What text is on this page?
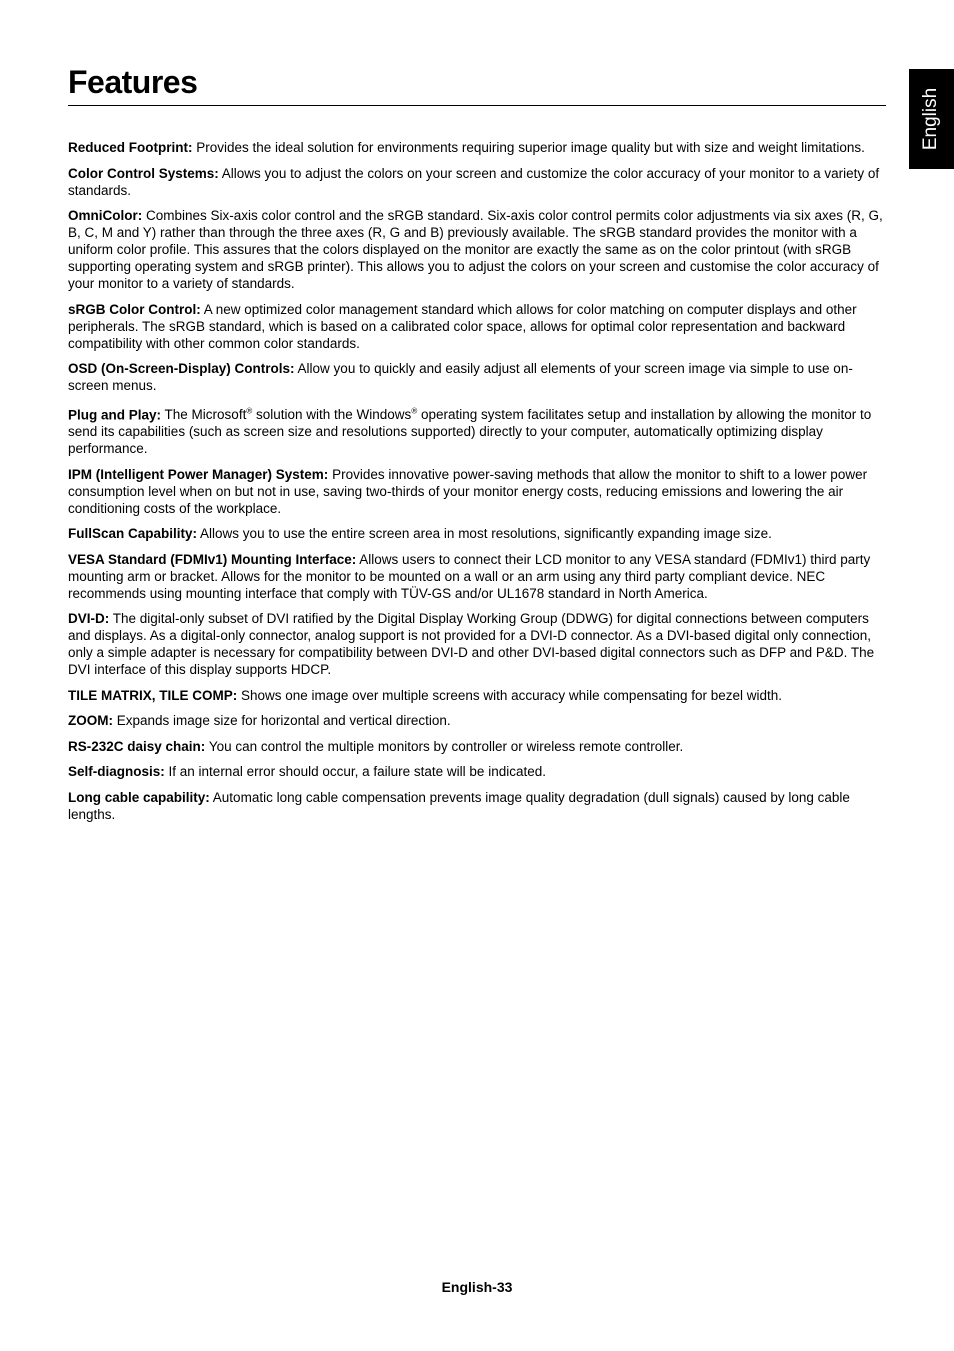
Features
English
Reduced Footprint: Provides the ideal solution for environments requiring superior image quality but with size and weight limitations.
Color Control Systems: Allows you to adjust the colors on your screen and customize the color accuracy of your monitor to a variety of standards.
OmniColor: Combines Six-axis color control and the sRGB standard. Six-axis color control permits color adjustments via six axes (R, G, B, C, M and Y) rather than through the three axes (R, G and B) previously available. The sRGB standard provides the monitor with a uniform color profile. This assures that the colors displayed on the monitor are exactly the same as on the color printout (with sRGB supporting operating system and sRGB printer). This allows you to adjust the colors on your screen and customise the color accuracy of your monitor to a variety of standards.
sRGB Color Control: A new optimized color management standard which allows for color matching on computer displays and other peripherals. The sRGB standard, which is based on a calibrated color space, allows for optimal color representation and backward compatibility with other common color standards.
OSD (On-Screen-Display) Controls: Allow you to quickly and easily adjust all elements of your screen image via simple to use on-screen menus.
Plug and Play: The Microsoft® solution with the Windows® operating system facilitates setup and installation by allowing the monitor to send its capabilities (such as screen size and resolutions supported) directly to your computer, automatically optimizing display performance.
IPM (Intelligent Power Manager) System: Provides innovative power-saving methods that allow the monitor to shift to a lower power consumption level when on but not in use, saving two-thirds of your monitor energy costs, reducing emissions and lowering the air conditioning costs of the workplace.
FullScan Capability: Allows you to use the entire screen area in most resolutions, significantly expanding image size.
VESA Standard (FDMIv1) Mounting Interface: Allows users to connect their LCD monitor to any VESA standard (FDMIv1) third party mounting arm or bracket. Allows for the monitor to be mounted on a wall or an arm using any third party compliant device. NEC recommends using mounting interface that comply with TÜV-GS and/or UL1678 standard in North America.
DVI-D: The digital-only subset of DVI ratified by the Digital Display Working Group (DDWG) for digital connections between computers and displays. As a digital-only connector, analog support is not provided for a DVI-D connector. As a DVI-based digital only connection, only a simple adapter is necessary for compatibility between DVI-D and other DVI-based digital connectors such as DFP and P&D. The DVI interface of this display supports HDCP.
TILE MATRIX, TILE COMP: Shows one image over multiple screens with accuracy while compensating for bezel width.
ZOOM: Expands image size for horizontal and vertical direction.
RS-232C daisy chain: You can control the multiple monitors by controller or wireless remote controller.
Self-diagnosis: If an internal error should occur, a failure state will be indicated.
Long cable capability: Automatic long cable compensation prevents image quality degradation (dull signals) caused by long cable lengths.
English-33
